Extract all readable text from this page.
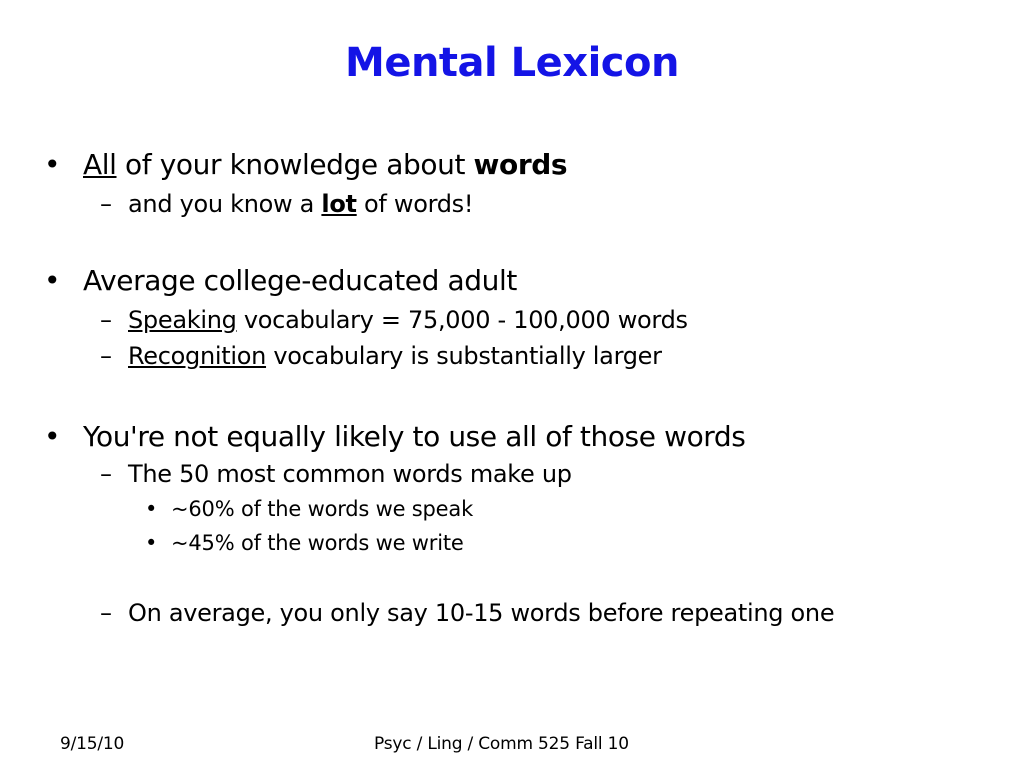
Mental Lexicon
• All of your knowledge about words
– and you know a lot of words!
• Average college-educated adult
– Speaking vocabulary = 75,000 - 100,000 words
– Recognition vocabulary is substantially larger
• You're not equally likely to use all of those words
– The 50 most common words make up
• ~60% of the words we speak
• ~45% of the words we write
– On average, you only say 10-15 words before repeating one
9/15/10	Psyc / Ling / Comm 525 Fall 10
